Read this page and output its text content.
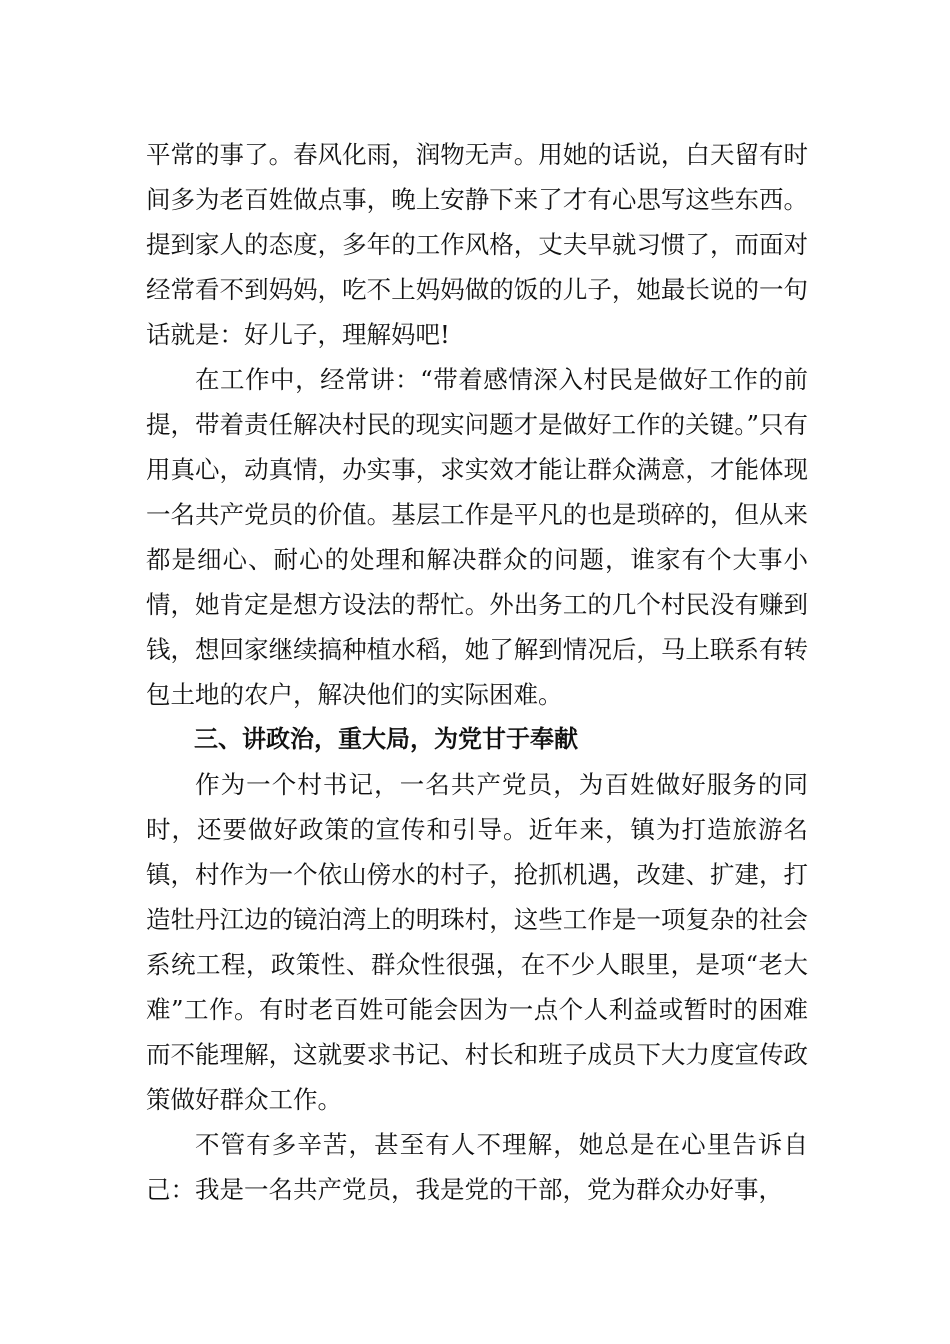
平常的事了。春风化雨，润物无声。用她的话说，白天留有时间多为老百姓做点事，晚上安静下来了才有心思写这些东西。提到家人的态度，多年的工作风格，丈夫早就习惯了，而面对经常看不到妈妈，吃不上妈妈做的饭的儿子，她最长说的一句话就是：好儿子，理解妈吧!

在工作中，经常讲：“带着感情深入村民是做好工作的前提，带着责任解决村民的现实问题才是做好工作的关键。”只有用真心，动真情，办实事，求实效才能让群众满意，才能体现一名共产党员的价值。基层工作是平凡的也是琐碎的，但从来都是细心、耐心的处理和解决群众的问题，谁家有个大事小情，她肯定是想方设法的帮忙。外出务工的几个村民没有赚到钱，想回家继续搞种植水稻，她了解到情况后，马上联系有转包土地的农户，解决他们的实际困难。

三、讲政治，重大局，为党甘于奉献

作为一个村书记，一名共产党员，为百姓做好服务的同时，还要做好政策的宣传和引导。近年来，镇为打造旅游名镇，村作为一个依山傍水的村子，抢抓机遇，改建、扩建，打造牡丹江边的镜泊湾上的明珠村，这些工作是一项复杂的社会系统工程，政策性、群众性很强，在不少人眼里，是项“老大难”工作。有时老百姓可能会因为一点个人利益或暂时的困难而不能理解，这就要求书记、村长和班子成员下大力度宣传政策做好群众工作。

不管有多辛苦，甚至有人不理解，她总是在心里告诉自己：我是一名共产党员，我是党的干部，党为群众办好事，
